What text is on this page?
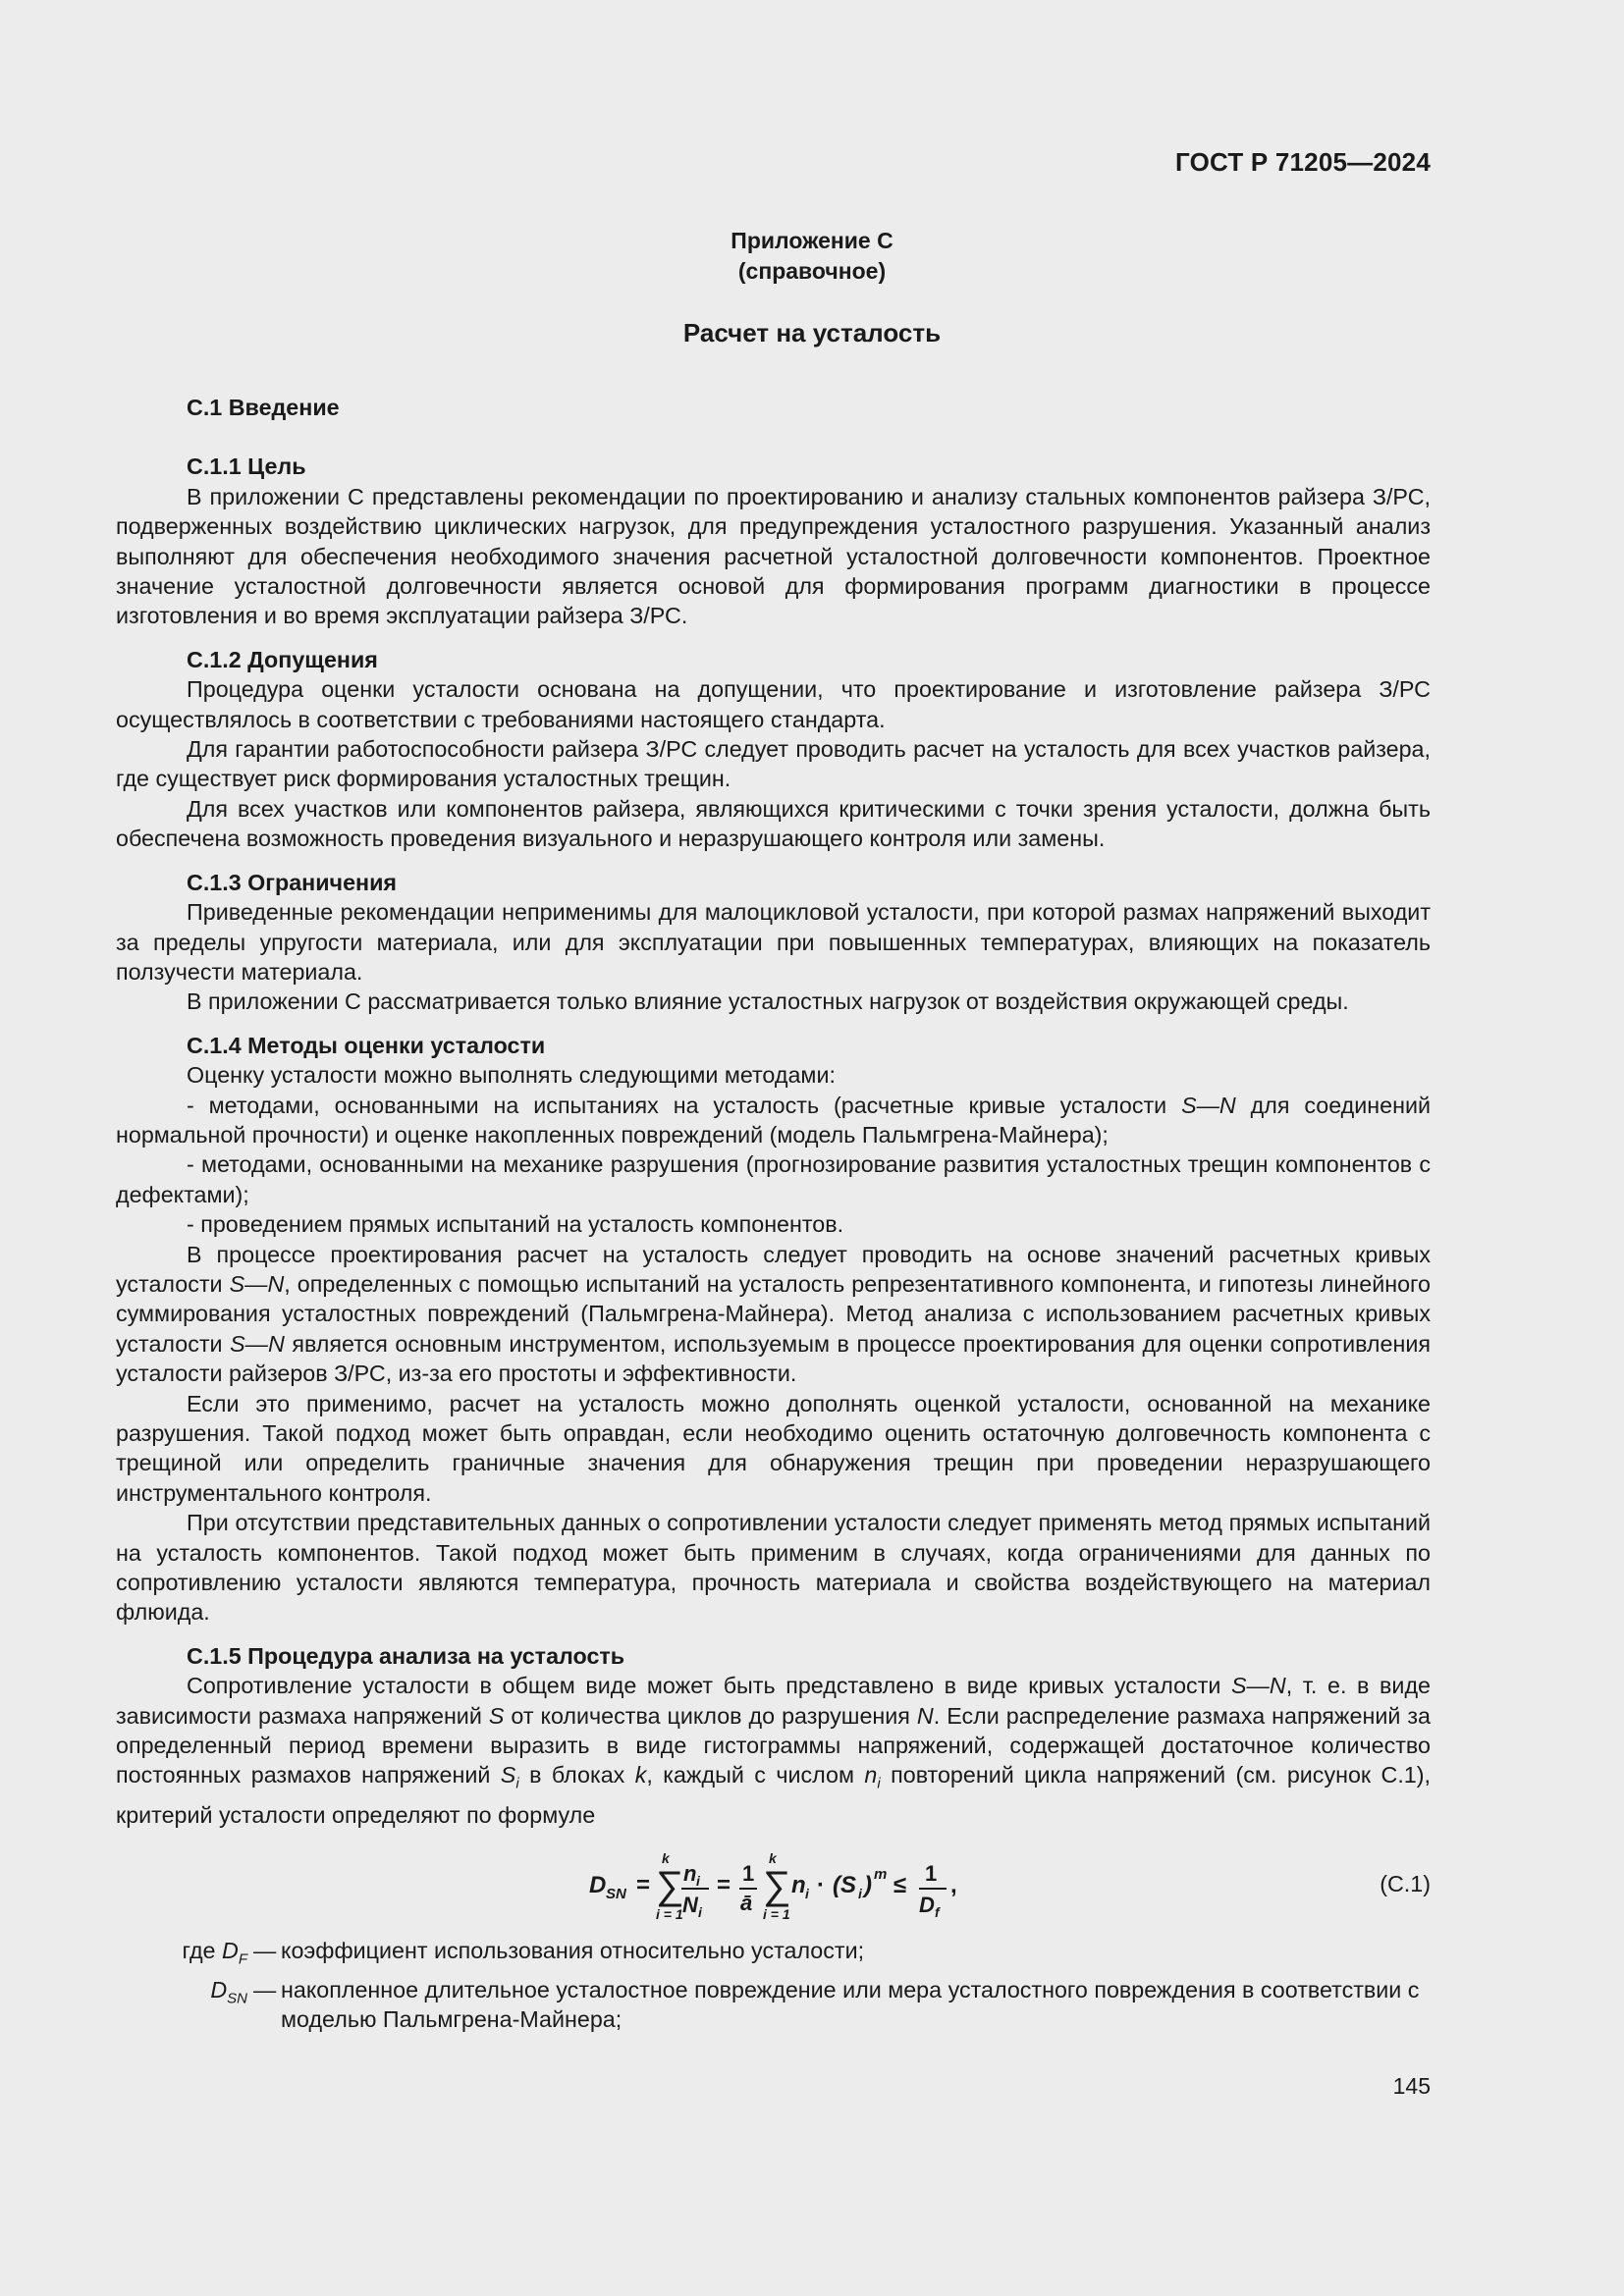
ГОСТ Р 71205—2024
Приложение С
(справочное)
Расчет на усталость
С.1 Введение
С.1.1 Цель

В приложении С представлены рекомендации по проектированию и анализу стальных компонентов райзера З/РС, подверженных воздействию циклических нагрузок, для предупреждения усталостного разрушения. Указанный анализ выполняют для обеспечения необходимого значения расчетной усталостной долговечности компонентов. Проектное значение усталостной долговечности является основой для формирования программ диагностики в процессе изготовления и во время эксплуатации райзера З/РС.

С.1.2 Допущения

Процедура оценки усталости основана на допущении, что проектирование и изготовление райзера З/РС осуществлялось в соответствии с требованиями настоящего стандарта.

Для гарантии работоспособности райзера З/РС следует проводить расчет на усталость для всех участков райзера, где существует риск формирования усталостных трещин.

Для всех участков или компонентов райзера, являющихся критическими с точки зрения усталости, должна быть обеспечена возможность проведения визуального и неразрушающего контроля или замены.

С.1.3 Ограничения

Приведенные рекомендации неприменимы для малоцикловой усталости, при которой размах напряжений выходит за пределы упругости материала, или для эксплуатации при повышенных температурах, влияющих на показатель ползучести материала.

В приложении С рассматривается только влияние усталостных нагрузок от воздействия окружающей среды.

С.1.4 Методы оценки усталости

Оценку усталости можно выполнять следующими методами:

- методами, основанными на испытаниях на усталость (расчетные кривые усталости S—N для соединений нормальной прочности) и оценке накопленных повреждений (модель Пальмгрена-Майнера);

- методами, основанными на механике разрушения (прогнозирование развития усталостных трещин компонентов с дефектами);

- проведением прямых испытаний на усталость компонентов.

В процессе проектирования расчет на усталость следует проводить на основе значений расчетных кривых усталости S—N, определенных с помощью испытаний на усталость репрезентативного компонента, и гипотезы линейного суммирования усталостных повреждений (Пальмгрена-Майнера). Метод анализа с использованием расчетных кривых усталости S—N является основным инструментом, используемым в процессе проектирования для оценки сопротивления усталости райзеров З/РС, из-за его простоты и эффективности.

Если это применимо, расчет на усталость можно дополнять оценкой усталости, основанной на механике разрушения. Такой подход может быть оправдан, если необходимо оценить остаточную долговечность компонента с трещиной или определить граничные значения для обнаружения трещин при проведении неразрушающего инструментального контроля.

При отсутствии представительных данных о сопротивлении усталости следует применять метод прямых испытаний на усталость компонентов. Такой подход может быть применим в случаях, когда ограничениями для данных по сопротивлению усталости являются температура, прочность материала и свойства воздействующего на материал флюида.

С.1.5 Процедура анализа на усталость

Сопротивление усталости в общем виде может быть представлено в виде кривых усталости S—N, т. е. в виде зависимости размаха напряжений S от количества циклов до разрушения N. Если распределение размаха напряжений за определенный период времени выразить в виде гистограммы напряжений, содержащей достаточное количество постоянных размахов напряжений $S_i$ в блоках k, каждый с числом $n_i$ повторений цикла напряжений (см. рисунок С.1), критерий усталости определяют по формуле

D SN =
k
∑
i = 1
n i
N i
= 1
ā
k
∑
i = 1
n i · (S i ) m ≤ 1
D f
,	(С.1)
где $D_F$ — коэффициент использования относительно усталости;
$D_{SN}$ — накопленное длительное усталостное повреждение или мера усталостного повреждения в соответствии с моделью Пальмгрена-Майнера;
145
